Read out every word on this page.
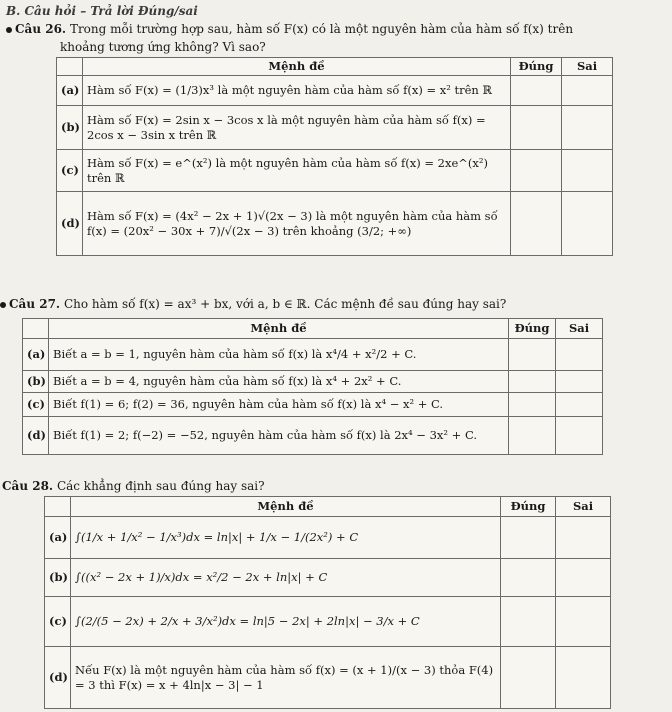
B. Câu hỏi – Trả lời Đúng/sai
Câu 26. Trong mỗi trường hợp sau, hàm số F(x) có là một nguyên hàm của hàm số f(x) trên
khoảng tương ứng không? Vì sao?
	Mệnh đề	Đúng	Sai
(a)	Hàm số F(x) = (1/3)x³ là một nguyên hàm của hàm số f(x) = x² trên ℝ		
(b)	Hàm số F(x) = 2sin x − 3cos x là một nguyên hàm của hàm số f(x) = 2cos x − 3sin x trên ℝ		
(c)	Hàm số F(x) = e^(x²) là một nguyên hàm của hàm số f(x) = 2xe^(x²) trên ℝ		
(d)	Hàm số F(x) = (4x² − 2x + 1)√(2x − 3) là một nguyên hàm của hàm số f(x) = (20x² − 30x + 7)/√(2x − 3) trên khoảng (3/2; +∞)		
Câu 27. Cho hàm số f(x) = ax³ + bx, với a, b ∈ ℝ. Các mệnh đề sau đúng hay sai?
	Mệnh đề	Đúng	Sai
(a)	Biết a = b = 1, nguyên hàm của hàm số f(x) là x⁴/4 + x²/2 + C.		
(b)	Biết a = b = 4, nguyên hàm của hàm số f(x) là x⁴ + 2x² + C.		
(c)	Biết f(1) = 6; f(2) = 36, nguyên hàm của hàm số f(x) là x⁴ − x² + C.		
(d)	Biết f(1) = 2; f(−2) = −52, nguyên hàm của hàm số f(x) là 2x⁴ − 3x² + C.		
Câu 28. Các khẳng định sau đúng hay sai?
	Mệnh đề	Đúng	Sai
(a)	∫(1/x + 1/x² − 1/x³)dx = ln|x| + 1/x − 1/(2x²) + C		
(b)	∫((x² − 2x + 1)/x)dx = x²/2 − 2x + ln|x| + C		
(c)	∫(2/(5 − 2x) + 2/x + 3/x²)dx = ln|5 − 2x| + 2ln|x| − 3/x + C		
(d)	Nếu F(x) là một nguyên hàm của hàm số f(x) = (x + 1)/(x − 3) thỏa F(4) = 3 thì F(x) = x + 4ln|x − 3| − 1		
